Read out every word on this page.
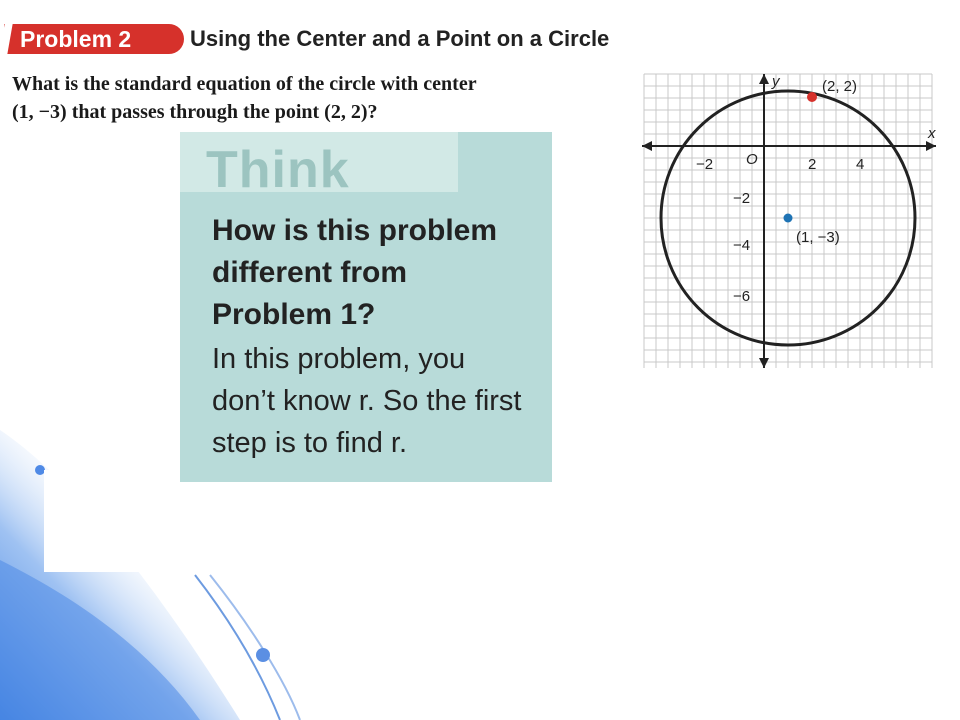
Problem 2	Using the Center and a Point on a Circle
What is the standard equation of the circle with center
(1, −3) that passes through the point (2, 2)?
Think
How is this problem
different from
Problem 1?
In this problem, you
don’t know r. So the first
step is to find r.
x
y
O
−2	2	4
−2
−4
−6
(2, 2)
(1, −3)
